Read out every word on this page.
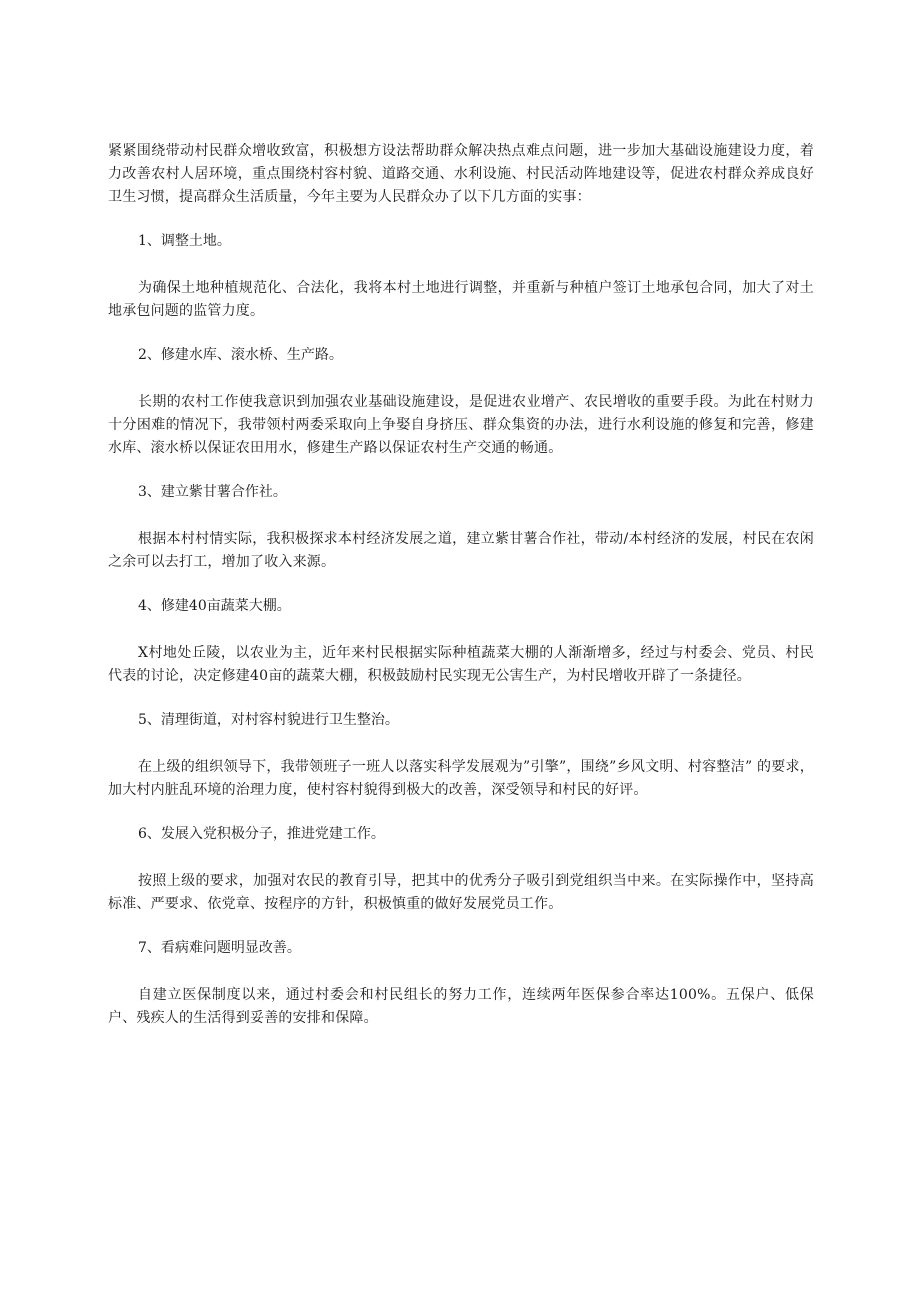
紧紧围绕带动村民群众增收致富，积极想方设法帮助群众解决热点难点问题，进一步加大基础设施建设力度，着力改善农村人居环境，重点围绕村容村貌、道路交通、水利设施、村民活动阵地建设等，促进农村群众养成良好卫生习惯，提高群众生活质量，今年主要为人民群众办了以下几方面的实事：

1、调整土地。

为确保土地种植规范化、合法化，我将本村土地进行调整，并重新与种植户签订土地承包合同，加大了对土地承包问题的监管力度。

2、修建水库、滚水桥、生产路。

长期的农村工作使我意识到加强农业基础设施建设，是促进农业增产、农民增收的重要手段。为此在村财力十分困难的情况下，我带领村两委采取向上争娶自身挤压、群众集资的办法，进行水利设施的修复和完善，修建水库、滚水桥以保证农田用水，修建生产路以保证农村生产交通的畅通。

3、建立紫甘薯合作社。

根据本村村情实际，我积极探求本村经济发展之道，建立紫甘薯合作社，带动/本村经济的发展，村民在农闲之余可以去打工，增加了收入来源。

4、修建40亩蔬菜大棚。

X村地处丘陵，以农业为主，近年来村民根据实际种植蔬菜大棚的人渐渐增多，经过与村委会、党员、村民代表的讨论，决定修建40亩的蔬菜大棚，积极鼓励村民实现无公害生产，为村民增收开辟了一条捷径。

5、清理街道，对村容村貌进行卫生整治。

在上级的组织领导下，我带领班子一班人以落实科学发展观为”引擎”，围绕”乡风文明、村容整洁” 的要求，加大村内脏乱环境的治理力度，使村容村貌得到极大的改善，深受领导和村民的好评。

6、发展入党积极分子，推进党建工作。

按照上级的要求，加强对农民的教育引导，把其中的优秀分子吸引到党组织当中来。在实际操作中，坚持高标准、严要求、依党章、按程序的方针，积极慎重的做好发展党员工作。

7、看病难问题明显改善。

自建立医保制度以来，通过村委会和村民组长的努力工作，连续两年医保参合率达100%。五保户、低保户、残疾人的生活得到妥善的安排和保障。
